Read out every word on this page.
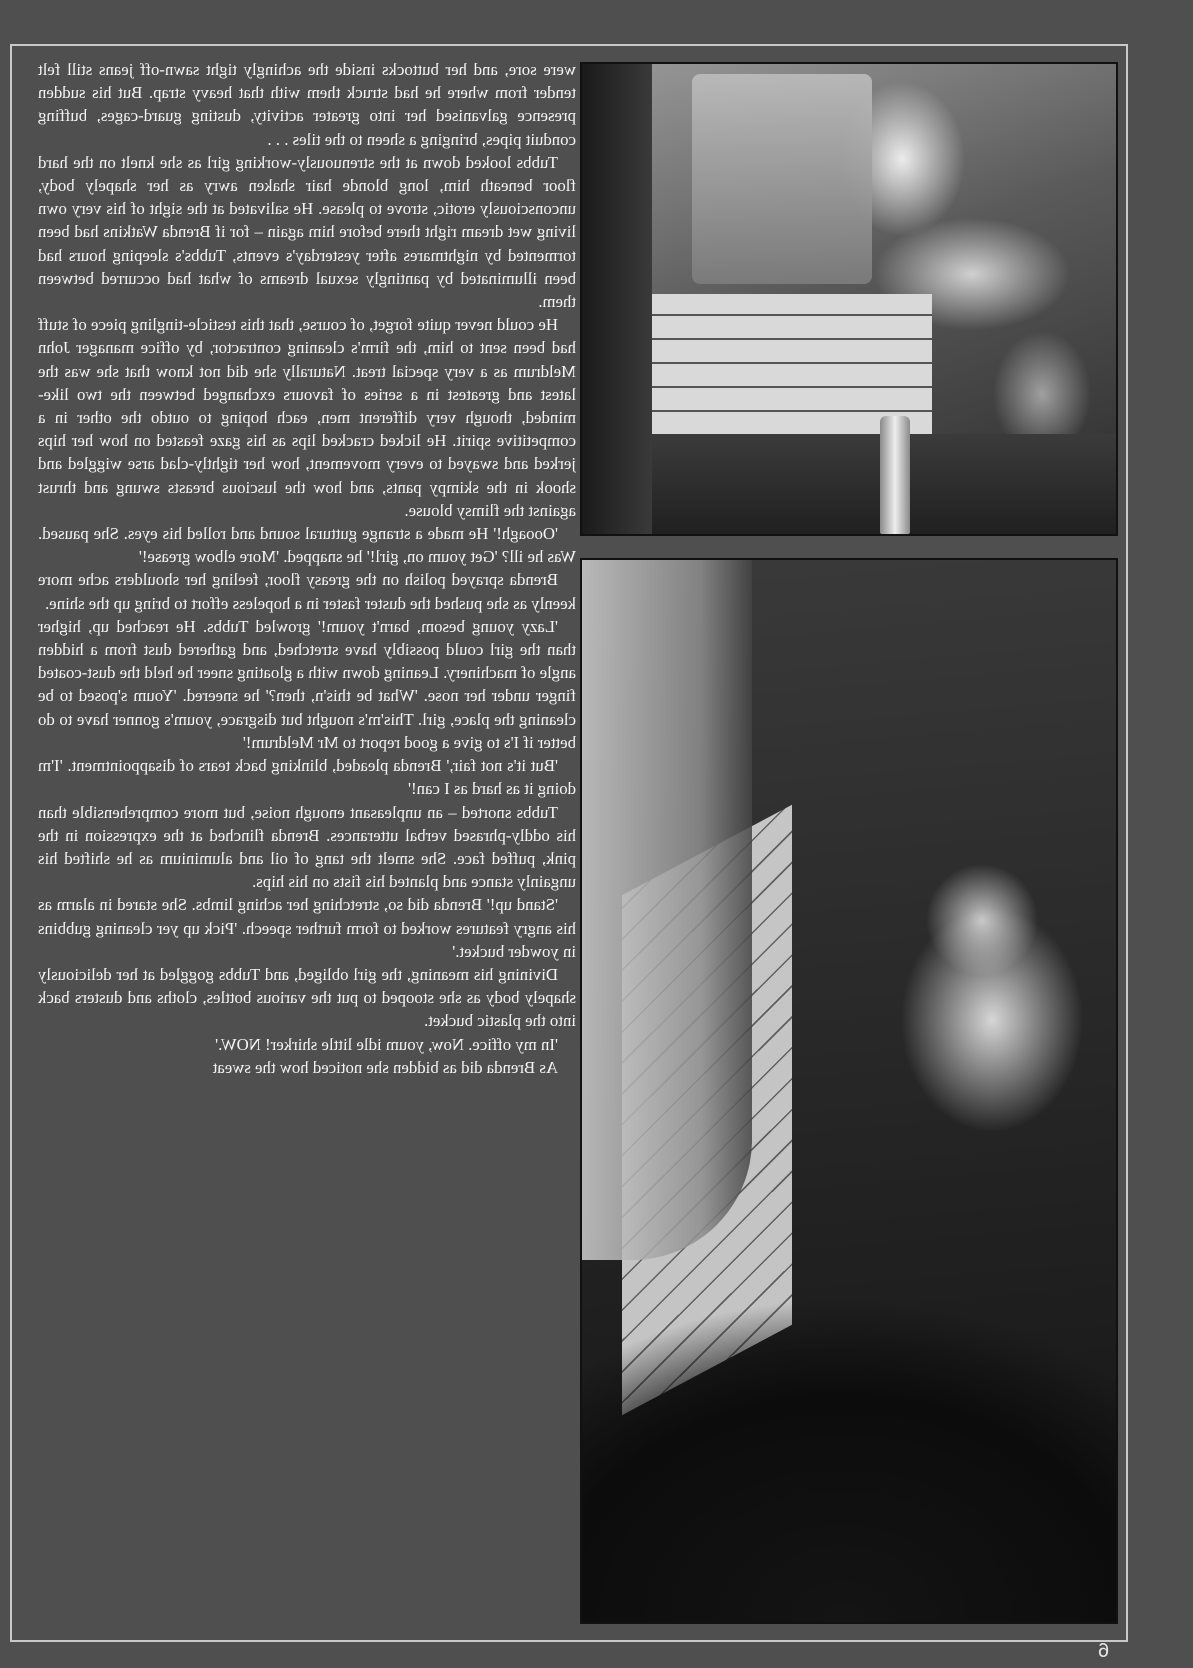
were sore, and her buttocks inside the achingly tight sawn-off jeans still felt tender from where he had struck them with that heavy strap. But his sudden presence galvanised her into greater activity, dusting guard-cages, buffing conduit pipes, bringing a sheen to the tiles . . .

Tubbs looked down at the strenuously-working girl as she knelt on the hard floor beneath him, long blonde hair shaken awry as her shapely body, unconsciously erotic, strove to please. He salivated at the sight of his very own living wet dream right there before him again – for if Brenda Watkins had been tormented by nightmares after yesterday's events, Tubbs's sleeping hours had been illuminated by pantingly sexual dreams of what had occurred between them.

He could never quite forget, of course, that this testicle-tingling piece of stuff had been sent to him, the firm's cleaning contractor, by office manager John Meldrum as a very special treat. Naturally she did not know that she was the latest and greatest in a series of favours exchanged between the two like-minded, though very different men, each hoping to outdo the other in a competitive spirit. He licked cracked lips as his gaze feasted on how her hips jerked and swayed to every movement, how her tightly-clad arse wiggled and shook in the skimpy pants, and how the luscious breasts swung and thrust against the flimsy blouse.

'Oooagh!' He made a strange guttural sound and rolled his eyes. She paused. Was he ill? 'Get youm on, girl!' he snapped. 'More elbow grease!'

Brenda sprayed polish on the greasy floor, feeling her shoulders ache more keenly as she pushed the duster faster in a hopeless effort to bring up the shine.

'Lazy young besom, barn't youm!' growled Tubbs. He reached up, higher than the girl could possibly have stretched, and gathered dust from a hidden angle of machinery. Leaning down with a gloating sneer he held the dust-coated finger under her nose. 'What be this'n, then?' he sneered. 'Youm s'posed to be cleaning the place, girl. This'm's nought but disgrace, youm's gonner have to do better if I's to give a good report to Mr Meldrum!'

'But it's not fair,' Brenda pleaded, blinking back tears of disappointment. 'I'm doing it as hard as I can!'

Tubbs snorted – an unpleasant enough noise, but more comprehensible than his oddly-phrased verbal utterances. Brenda flinched at the expression in the pink, puffed face. She smelt the tang of oil and aluminium as he shifted his ungainly stance and planted his fists on his hips.

'Stand up!' Brenda did so, stretching her aching limbs. She stared in alarm as his angry features worked to form further speech. 'Pick up yer cleaning gubbins in yowder bucket.'

Divining his meaning, the girl obliged, and Tubbs goggled at her deliciously shapely body as she stooped to put the various bottles, cloths and dusters back into the plastic bucket.

'In my office. Now, youm idle little shirker! NOW.'

As Brenda did as bidden she noticed how the sweat

6
